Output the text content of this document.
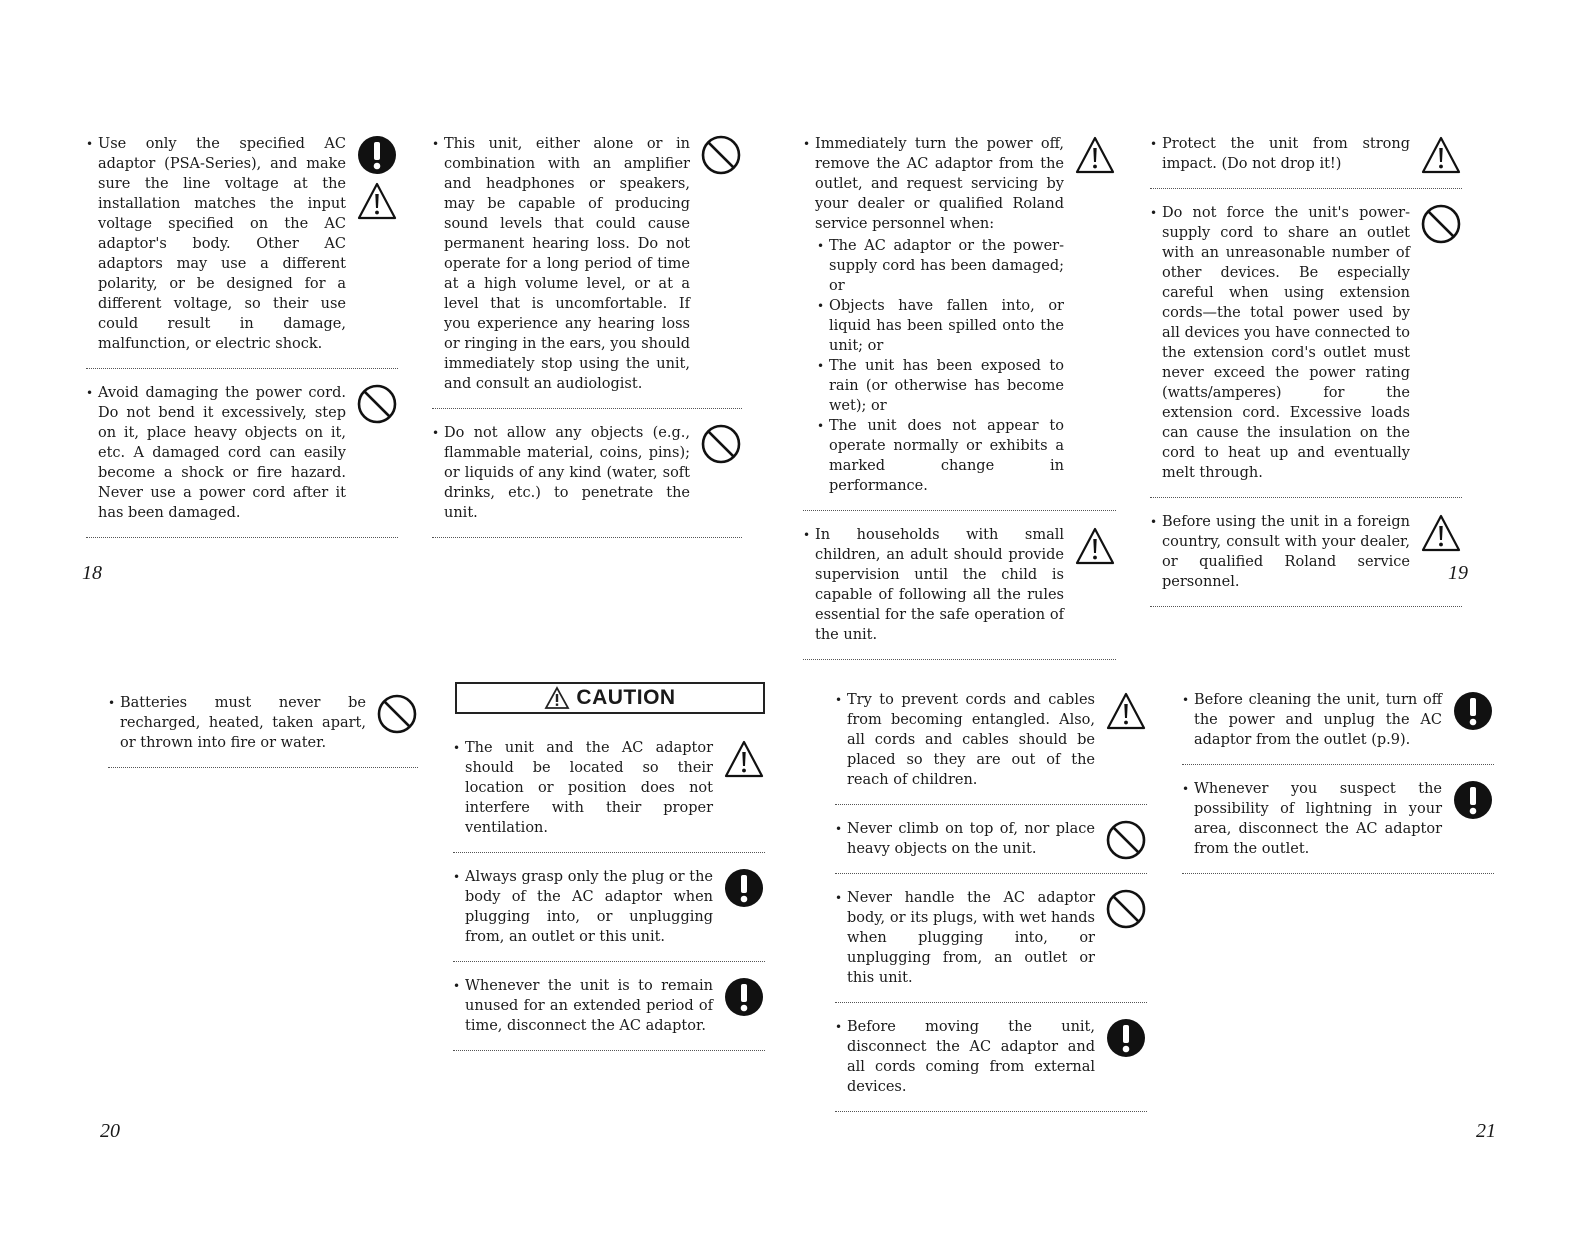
• Use only the specified AC adaptor (PSA-Series), and make sure the line voltage at the installation matches the input voltage specified on the AC adaptor's body. Other AC adaptors may use a different polarity, or be designed for a different voltage, so their use could result in damage, malfunction, or electric shock.

• Avoid damaging the power cord. Do not bend it excessively, step on it, place heavy objects on it, etc. A damaged cord can easily become a shock or fire hazard. Never use a power cord after it has been damaged.

• This unit, either alone or in combination with an amplifier and headphones or speakers, may be capable of producing sound levels that could cause permanent hearing loss. Do not operate for a long period of time at a high volume level, or at a level that is uncomfortable. If you experience any hearing loss or ringing in the ears, you should immediately stop using the unit, and consult an audiologist.

• Do not allow any objects (e.g., flammable material, coins, pins); or liquids of any kind (water, soft drinks, etc.) to penetrate the unit.

18

• Immediately turn the power off, remove the AC adaptor from the outlet, and request servicing by your dealer or qualified Roland service personnel when:

• The AC adaptor or the power-supply cord has been damaged; or
• Objects have fallen into, or liquid has been spilled onto the unit; or
• The unit has been exposed to rain (or otherwise has become wet); or
• The unit does not appear to operate normally or exhibits a marked change in performance.

• In households with small children, an adult should provide supervision until the child is capable of following all the rules essential for the safe operation of the unit.

• Protect the unit from strong impact. (Do not drop it!)

• Do not force the unit's power-supply cord to share an outlet with an unreasonable number of other devices. Be especially careful when using extension cords—the total power used by all devices you have connected to the extension cord's outlet must never exceed the power rating (watts/amperes) for the extension cord. Excessive loads can cause the insulation on the cord to heat up and eventually melt through.

• Before using the unit in a foreign country, consult with your dealer, or qualified Roland service personnel.	19

• Batteries must never be recharged, heated, taken apart, or thrown into fire or water.

CAUTION

• The unit and the AC adaptor should be located so their location or position does not interfere with their proper ventilation.

• Always grasp only the plug or the body of the AC adaptor when plugging into, or unplugging from, an outlet or this unit.

• Whenever the unit is to remain unused for an extended period of time, disconnect the AC adaptor.

20

• Try to prevent cords and cables from becoming entangled. Also, all cords and cables should be placed so they are out of the reach of children.

• Never climb on top of, nor place heavy objects on the unit.

• Never handle the AC adaptor body, or its plugs, with wet hands when plugging into, or unplugging from, an outlet or this unit.

• Before moving the unit, disconnect the AC adaptor and all cords coming from external devices.

• Before cleaning the unit, turn off the power and unplug the AC adaptor from the outlet (p.9).

• Whenever you suspect the possibility of lightning in your area, disconnect the AC adaptor from the outlet.

21
